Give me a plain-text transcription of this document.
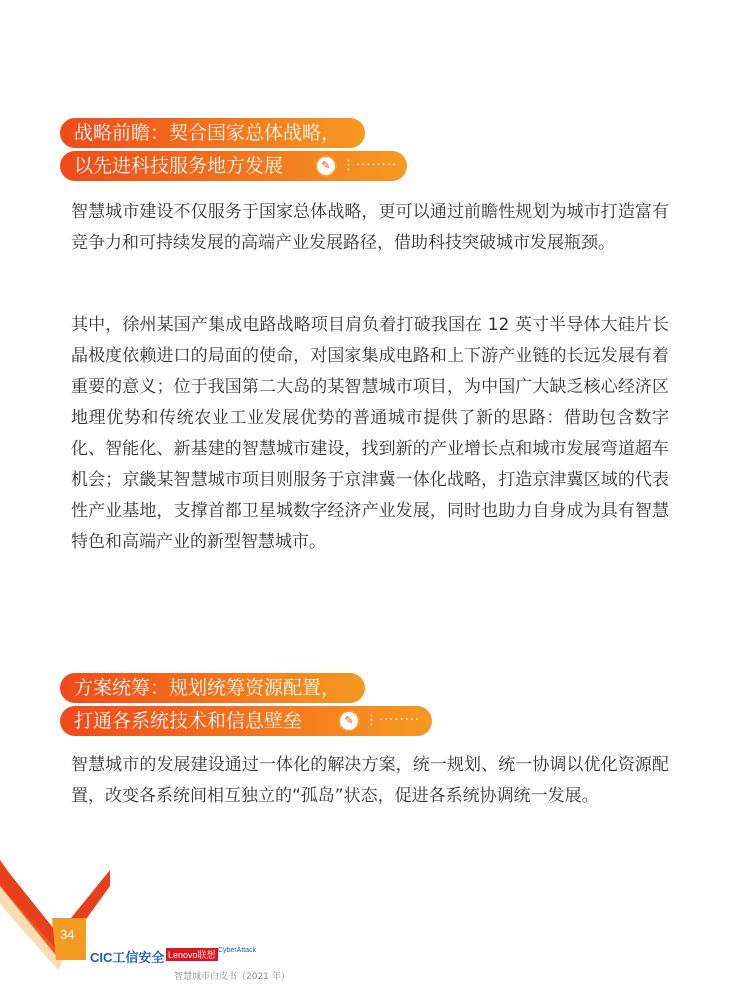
战略前瞻：契合国家总体战略，
以先进科技服务地方发展	✎ ⋮········
智慧城市建设不仅服务于国家总体战略，更可以通过前瞻性规划为城市打造富有竞争力和可持续发展的高端产业发展路径，借助科技突破城市发展瓶颈。
其中，徐州某国产集成电路战略项目肩负着打破我国在 12 英寸半导体大硅片长晶极度依赖进口的局面的使命，对国家集成电路和上下游产业链的长远发展有着重要的意义；位于我国第二大岛的某智慧城市项目，为中国广大缺乏核心经济区地理优势和传统农业工业发展优势的普通城市提供了新的思路：借助包含数字化、智能化、新基建的智慧城市建设，找到新的产业增长点和城市发展弯道超车机会；京畿某智慧城市项目则服务于京津冀一体化战略，打造京津冀区域的代表性产业基地，支撑首都卫星城数字经济产业发展，同时也助力自身成为具有智慧特色和高端产业的新型智慧城市。
方案统筹：规划统筹资源配置，
打通各系统技术和信息壁垒	✎ ⋮········
智慧城市的发展建设通过一体化的解决方案，统一规划、统一协调以优化资源配置，改变各系统间相互独立的“孤岛”状态，促进各系统协调统一发展。
34
CIC工信安全 Lenovo联想 CyberAttack
智慧城市白皮书（2021 年）
